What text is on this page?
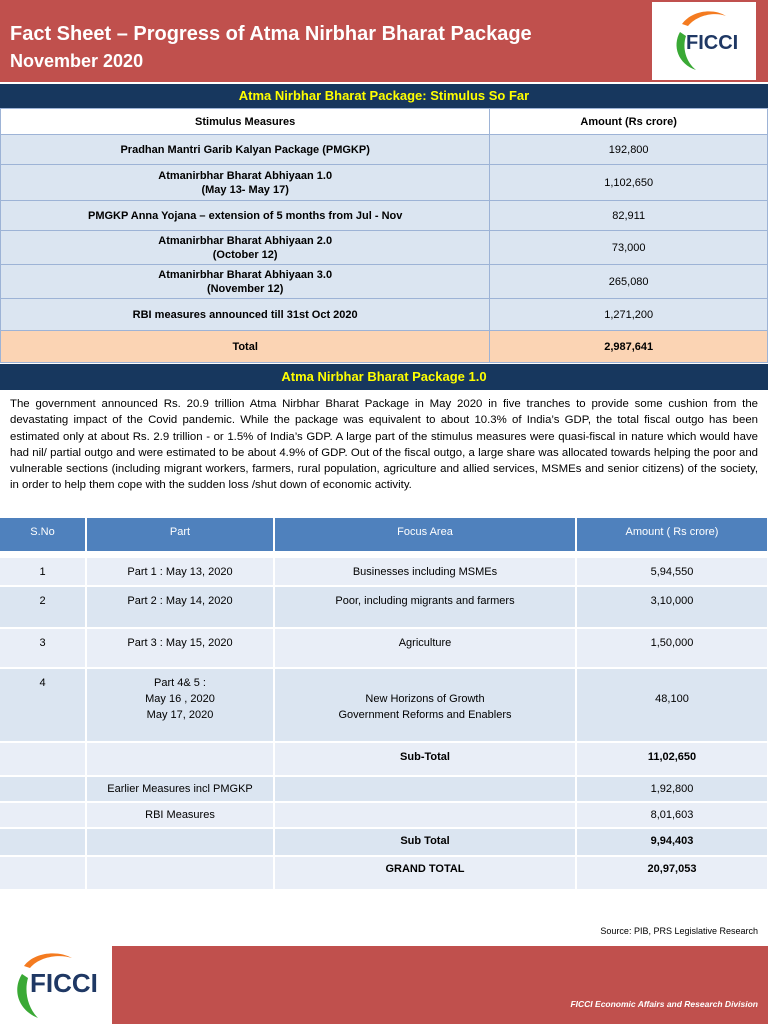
Fact Sheet – Progress of Atma Nirbhar Bharat Package
November 2020
FICCI
Atma Nirbhar Bharat Package: Stimulus So Far
Stimulus Measures	Amount (Rs crore)
Pradhan Mantri Garib Kalyan Package (PMGKP)	192,800
Atmanirbhar Bharat Abhiyaan 1.0
(May 13- May 17)	1,102,650
PMGKP Anna Yojana – extension of 5 months from Jul - Nov	82,911
Atmanirbhar Bharat Abhiyaan 2.0
(October 12)	73,000
Atmanirbhar Bharat Abhiyaan 3.0
(November 12)	265,080
RBI measures announced till 31st Oct 2020	1,271,200
Total	2,987,641
Atma Nirbhar Bharat Package 1.0
The government announced Rs. 20.9 trillion Atma Nirbhar Bharat Package in May 2020 in five tranches to provide some cushion from the devastating impact of the Covid pandemic. While the package was equivalent to about 10.3% of India’s GDP, the total fiscal outgo has been estimated only at about Rs. 2.9 trillion - or 1.5% of India’s GDP. A large part of the stimulus measures were quasi-fiscal in nature which would have had nil/ partial outgo and were estimated to be about 4.9% of GDP. Out of the fiscal outgo, a large share was allocated towards helping the poor and vulnerable sections (including migrant workers, farmers, rural population, agriculture and allied services, MSMEs and senior citizens) of the society, in order to help them cope with the sudden loss /shut down of economic activity.
S.No	Part	Focus Area	Amount ( Rs crore)

1	Part 1 : May 13, 2020	Businesses including MSMEs	5,94,550
2	Part 2 : May 14, 2020	Poor, including migrants and farmers	3,10,000
3	Part 3 : May 15, 2020	Agriculture	1,50,000
4	Part 4& 5 :
May 16 , 2020
May 17, 2020	New Horizons of Growth
Government Reforms and Enablers	48,100
		Sub-Total	11,02,650
	Earlier Measures incl PMGKP		1,92,800
	RBI Measures		8,01,603
		Sub Total	9,94,403
		GRAND TOTAL	20,97,053
Source: PIB, PRS Legislative Research
FICCI
FICCI Economic Affairs and Research Division
